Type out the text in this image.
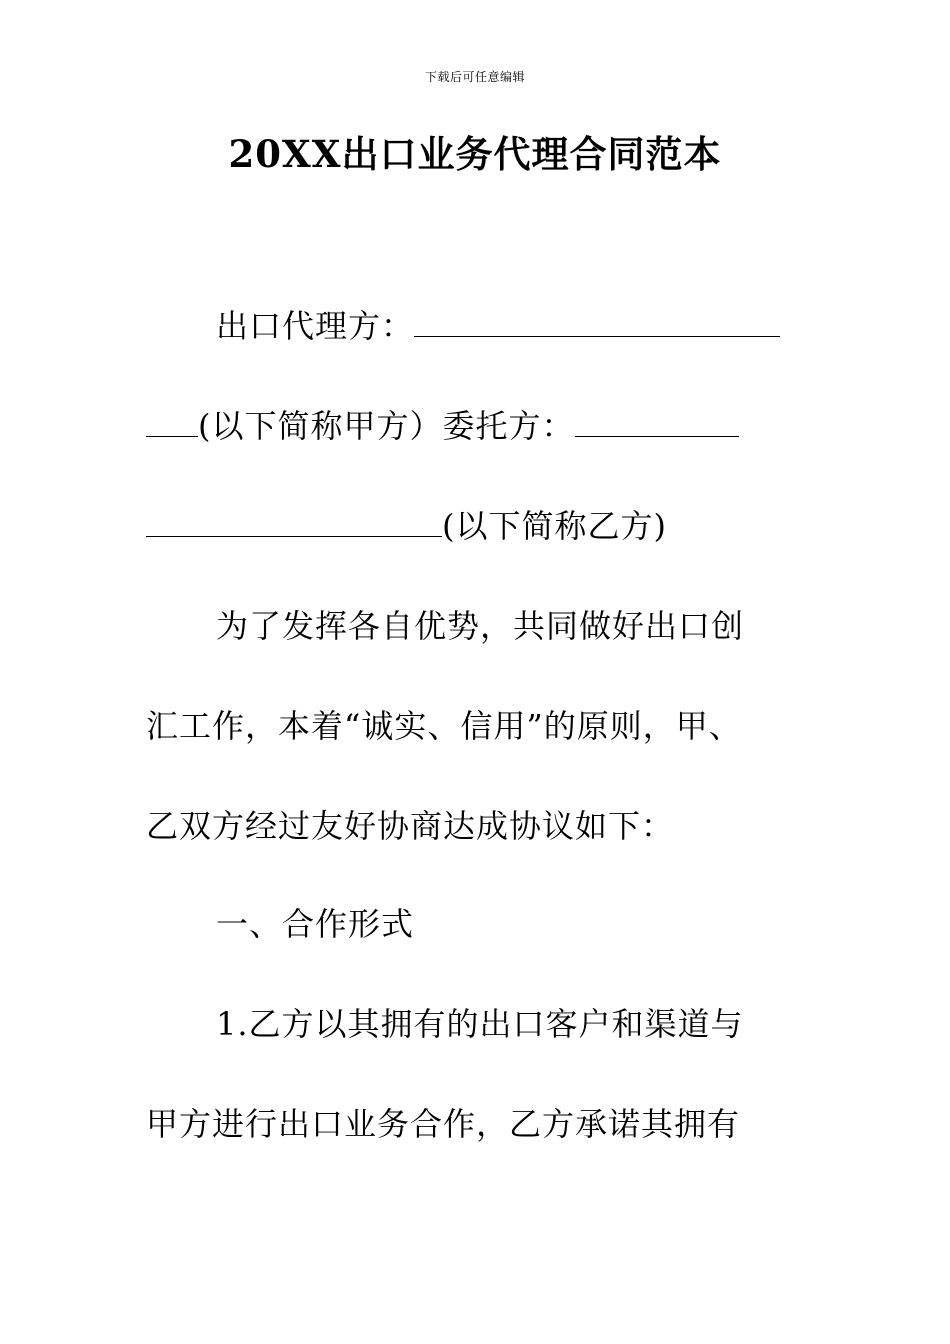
下载后可任意编辑
20XX出口业务代理合同范本
出口代理方：
(以下简称甲方）委托方：
(以下简称乙方)
为了发挥各自优势，共同做好出口创
汇工作，本着“诚实、信用”的原则，甲、
乙双方经过友好协商达成协议如下：
一、合作形式
1.乙方以其拥有的出口客户和渠道与
甲方进行出口业务合作，乙方承诺其拥有
